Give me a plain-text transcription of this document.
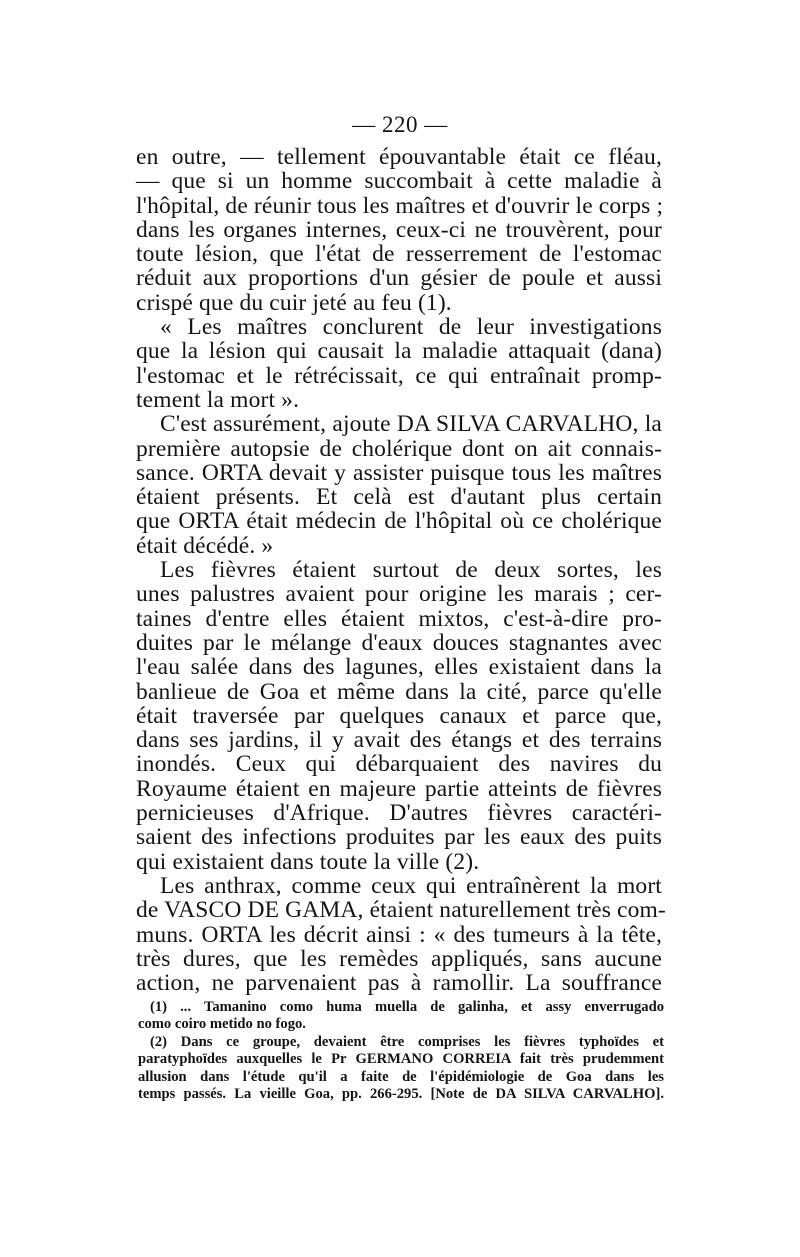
— 220 —
en outre, — tellement épouvantable était ce fléau,
— que si un homme succombait à cette maladie à
l'hôpital, de réunir tous les maîtres et d'ouvrir le corps ;
dans les organes internes, ceux-ci ne trouvèrent, pour
toute lésion, que l'état de resserrement de l'estomac
réduit aux proportions d'un gésier de poule et aussi
crispé que du cuir jeté au feu (1).
« Les maîtres conclurent de leur investigations
que la lésion qui causait la maladie attaquait (dana)
l'estomac et le rétrécissait, ce qui entraînait promp-
tement la mort ».
C'est assurément, ajoute DA SILVA CARVALHO, la
première autopsie de cholérique dont on ait connais-
sance. ORTA devait y assister puisque tous les maîtres
étaient présents. Et celà est d'autant plus certain
que ORTA était médecin de l'hôpital où ce cholérique
était décédé. »
Les fièvres étaient surtout de deux sortes, les
unes palustres avaient pour origine les marais ; cer-
taines d'entre elles étaient mixtos, c'est-à-dire pro-
duites par le mélange d'eaux douces stagnantes avec
l'eau salée dans des lagunes, elles existaient dans la
banlieue de Goa et même dans la cité, parce qu'elle
était traversée par quelques canaux et parce que,
dans ses jardins, il y avait des étangs et des terrains
inondés. Ceux qui débarquaient des navires du
Royaume étaient en majeure partie atteints de fièvres
pernicieuses d'Afrique. D'autres fièvres caractéri-
saient des infections produites par les eaux des puits
qui existaient dans toute la ville (2).
Les anthrax, comme ceux qui entraînèrent la mort
de VASCO DE GAMA, étaient naturellement très com-
muns. ORTA les décrit ainsi : « des tumeurs à la tête,
très dures, que les remèdes appliqués, sans aucune
action, ne parvenaient pas à ramollir. La souffrance
(1) ... Tamanino como huma muella de galinha, et assy enverrugado
como coiro metido no fogo.
(2) Dans ce groupe, devaient être comprises les fièvres typhoïdes et
paratyphoïdes auxquelles le Pr GERMANO CORREIA fait très prudemment
allusion dans l'étude qu'il a faite de l'épidémiologie de Goa dans les
temps passés. La vieille Goa, pp. 266-295. [Note de DA SILVA CARVALHO].
